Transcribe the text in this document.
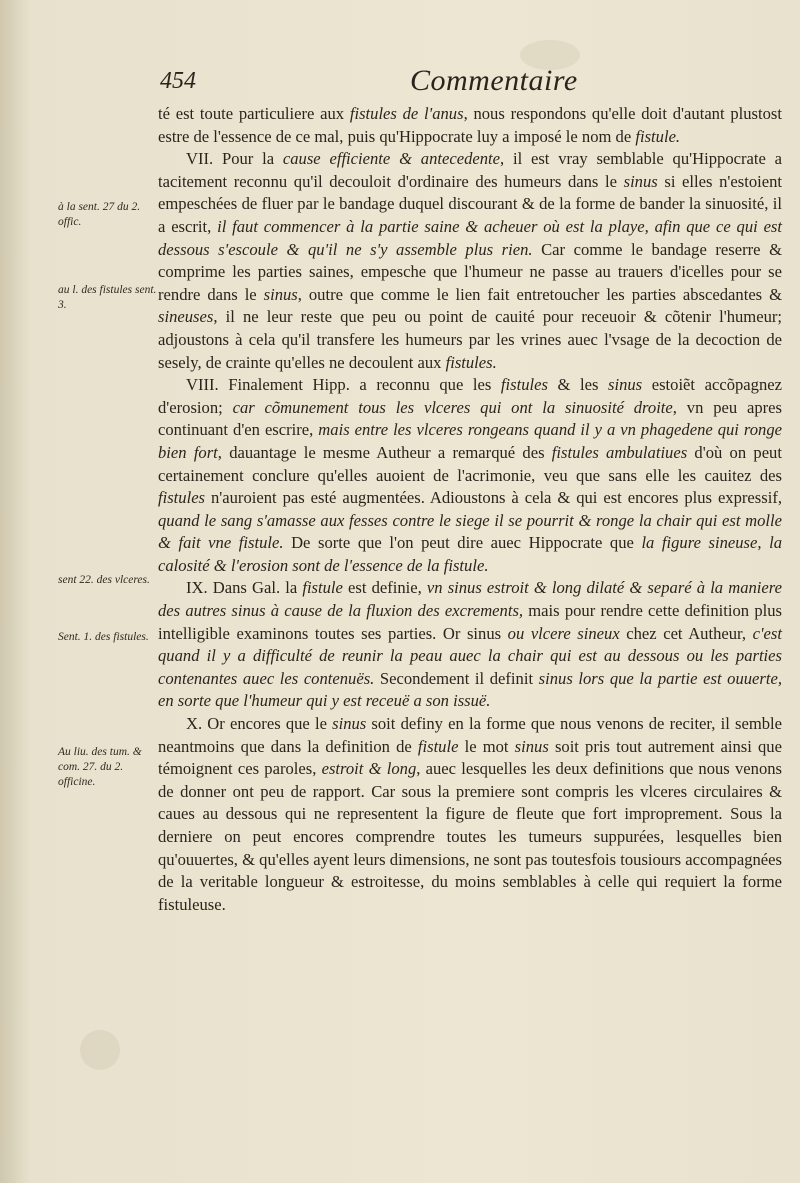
454	Commentaire
à la sent. 27 du 2. offic.
au l. des fistules sent. 3.
sent 22. des vlceres.
Sent. 1. des fistules.
Au liu. des tum. & com. 27. du 2. officine.

té est toute particuliere aux fistules de l'anus, nous respondons qu'elle doit d'autant plustost estre de l'essence de ce mal, puis qu'Hippocrate luy a imposé le nom de fistule.

VII. Pour la cause efficiente & antecedente, il est vray semblable qu'Hippocrate a tacitement reconnu qu'il decouloit d'ordinaire des humeurs dans le sinus si elles n'estoient empeschées de fluer par le bandage duquel discourant & de la forme de bander la sinuosité, il a escrit, il faut commencer à la partie saine & acheuer où est la playe, afin que ce qui est dessous s'escoule & qu'il ne s'y assemble plus rien. Car comme le bandage reserre & comprime les parties saines, empesche que l'humeur ne passe au trauers d'icelles pour se rendre dans le sinus, outre que comme le lien fait entretoucher les parties abscedantes & sineuses, il ne leur reste que peu ou point de cauité pour receuoir & cõtenir l'humeur; adjoustons à cela qu'il transfere les humeurs par les vrines auec l'vsage de la decoction de sesely, de crainte qu'elles ne decoulent aux fistules.

VIII. Finalement Hipp. a reconnu que les fistules & les sinus estoiẽt accõpagnez d'erosion; car cõmunement tous les vlceres qui ont la sinuosité droite, vn peu apres continuant d'en escrire, mais entre les vlceres rongeans quand il y a vn phagedene qui ronge bien fort, dauantage le mesme Autheur a remarqué des fistules ambulatiues d'où on peut certainement conclure qu'elles auoient de l'acrimonie, veu que sans elle les cauitez des fistules n'auroient pas esté augmentées. Adioustons à cela & qui est encores plus expressif, quand le sang s'amasse aux fesses contre le siege il se pourrit & ronge la chair qui est molle & fait vne fistule. De sorte que l'on peut dire auec Hippocrate que la figure sineuse, la calosité & l'erosion sont de l'essence de la fistule.

IX. Dans Gal. la fistule est definie, vn sinus estroit & long dilaté & separé à la maniere des autres sinus à cause de la fluxion des excrements, mais pour rendre cette definition plus intelligible examinons toutes ses parties. Or sinus ou vlcere sineux chez cet Autheur, c'est quand il y a difficulté de reunir la peau auec la chair qui est au dessous ou les parties contenantes auec les contenuës. Secondement il definit sinus lors que la partie est ouuerte, en sorte que l'humeur qui y est receuë a son issuë.

X. Or encores que le sinus soit definy en la forme que nous venons de reciter, il semble neantmoins que dans la definition de fistule le mot sinus soit pris tout autrement ainsi que témoignent ces paroles, estroit & long, auec lesquelles les deux definitions que nous venons de donner ont peu de rapport. Car sous la premiere sont compris les vlceres circulaires & caues au dessous qui ne representent la figure de fleute que fort improprement. Sous la derniere on peut encores comprendre toutes les tumeurs suppurées, lesquelles bien qu'ouuertes, & qu'elles ayent leurs dimensions, ne sont pas toutesfois tousiours accompagnées de la veritable longueur & estroitesse, du moins semblables à celle qui requiert la forme fistuleuse.
